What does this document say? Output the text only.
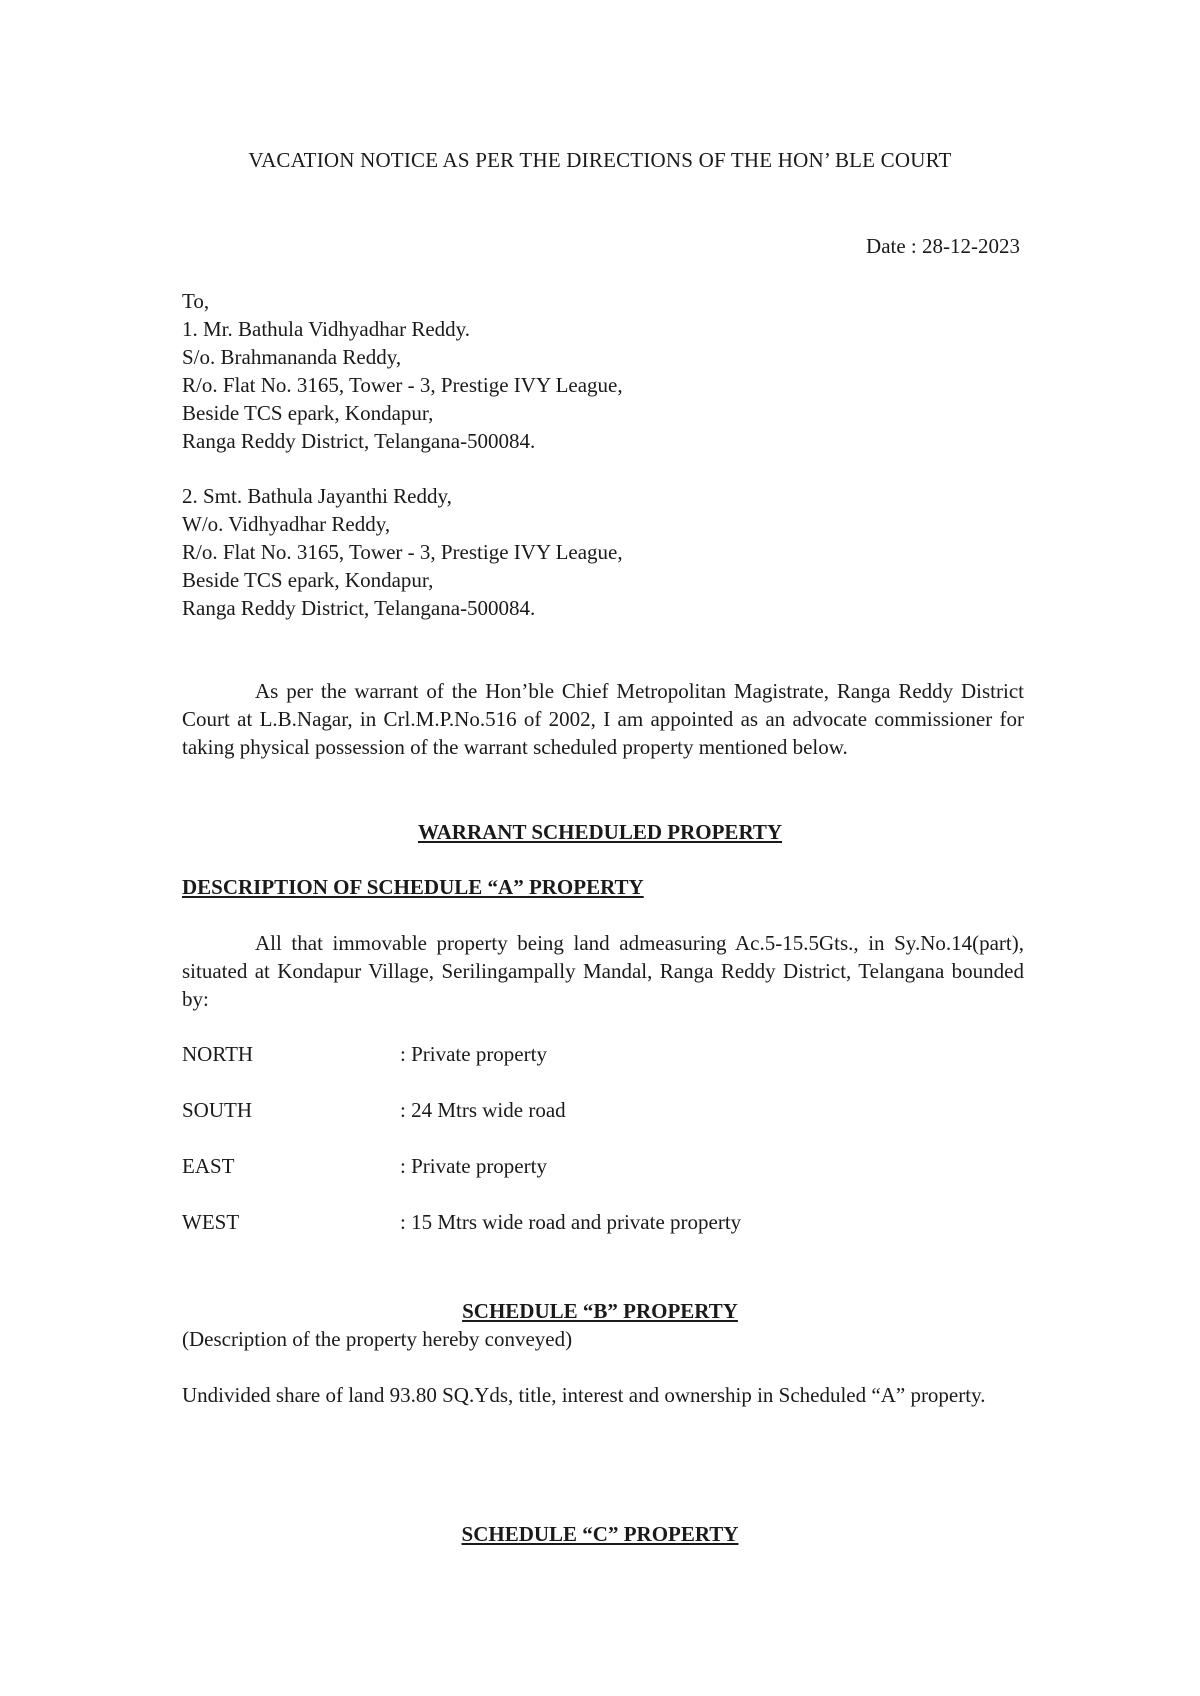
VACATION NOTICE AS PER THE DIRECTIONS OF THE HON’ BLE COURT
Date : 28-12-2023
To,
1. Mr. Bathula Vidhyadhar Reddy.
S/o. Brahmananda Reddy,
R/o. Flat No. 3165, Tower - 3, Prestige IVY League,
Beside TCS epark, Kondapur,
Ranga Reddy District, Telangana-500084.
2. Smt. Bathula Jayanthi Reddy,
W/o. Vidhyadhar Reddy,
R/o. Flat No. 3165, Tower - 3, Prestige IVY League,
Beside TCS epark, Kondapur,
Ranga Reddy District, Telangana-500084.
As per the warrant of the Hon’ble Chief Metropolitan Magistrate, Ranga Reddy District Court at L.B.Nagar, in Crl.M.P.No.516 of 2002, I am appointed as an advocate commissioner for taking physical possession of the warrant scheduled property mentioned below.
WARRANT SCHEDULED PROPERTY
DESCRIPTION OF SCHEDULE “A” PROPERTY
All that immovable property being land admeasuring Ac.5-15.5Gts., in Sy.No.14(part), situated at Kondapur Village, Serilingampally Mandal, Ranga Reddy District, Telangana bounded by:
NORTH	: Private property
SOUTH	: 24 Mtrs wide road
EAST	: Private property
WEST	: 15 Mtrs wide road and private property
SCHEDULE “B” PROPERTY
(Description of the property hereby conveyed)
Undivided share of land 93.80 SQ.Yds, title, interest and ownership in Scheduled “A” property.
SCHEDULE “C” PROPERTY
